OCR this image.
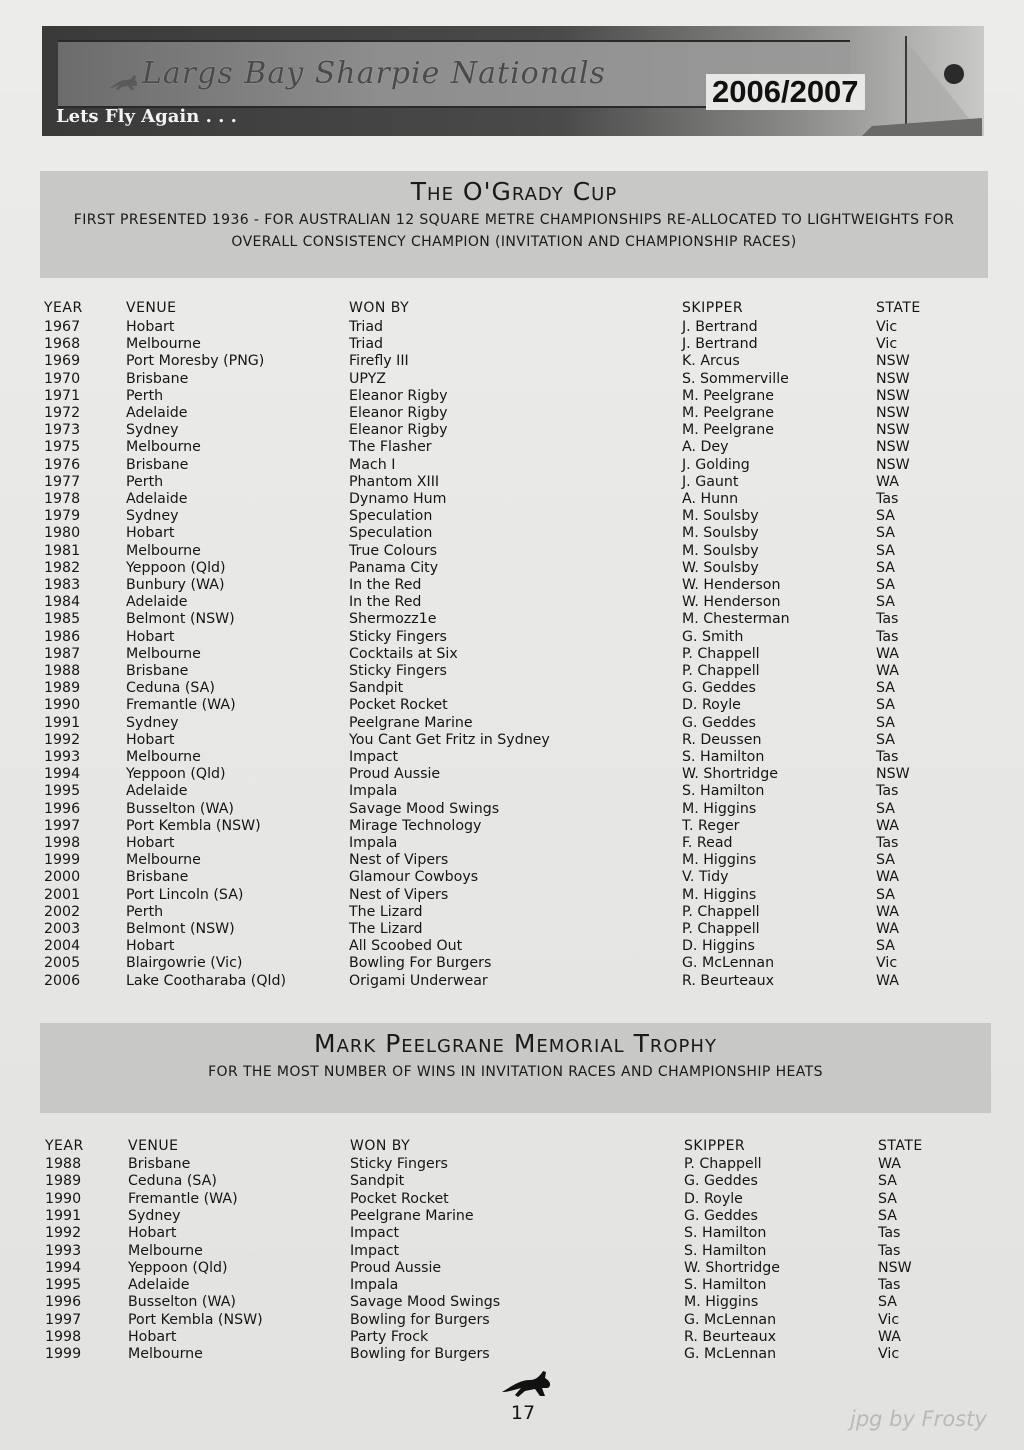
Largs Bay Sharpie Nationals
2006/2007
Lets Fly Again . . .
The O'Grady Cup
FIRST PRESENTED 1936 - FOR AUSTRALIAN 12 SQUARE METRE CHAMPIONSHIPS RE-ALLOCATED TO LIGHTWEIGHTS FOR OVERALL CONSISTENCY CHAMPION (INVITATION AND CHAMPIONSHIP RACES)
YEAR	VENUE	WON BY	SKIPPER	STATE
1967	Hobart	Triad	J. Bertrand	Vic
1968	Melbourne	Triad	J. Bertrand	Vic
1969	Port Moresby (PNG)	Firefly III	K. Arcus	NSW
1970	Brisbane	UPYZ	S. Sommerville	NSW
1971	Perth	Eleanor Rigby	M. Peelgrane	NSW
1972	Adelaide	Eleanor Rigby	M. Peelgrane	NSW
1973	Sydney	Eleanor Rigby	M. Peelgrane	NSW
1975	Melbourne	The Flasher	A. Dey	NSW
1976	Brisbane	Mach I	J. Golding	NSW
1977	Perth	Phantom XIII	J. Gaunt	WA
1978	Adelaide	Dynamo Hum	A. Hunn	Tas
1979	Sydney	Speculation	M. Soulsby	SA
1980	Hobart	Speculation	M. Soulsby	SA
1981	Melbourne	True Colours	M. Soulsby	SA
1982	Yeppoon (Qld)	Panama City	W. Soulsby	SA
1983	Bunbury (WA)	In the Red	W. Henderson	SA
1984	Adelaide	In the Red	W. Henderson	SA
1985	Belmont (NSW)	Shermozz1e	M. Chesterman	Tas
1986	Hobart	Sticky Fingers	G. Smith	Tas
1987	Melbourne	Cocktails at Six	P. Chappell	WA
1988	Brisbane	Sticky Fingers	P. Chappell	WA
1989	Ceduna (SA)	Sandpit	G. Geddes	SA
1990	Fremantle (WA)	Pocket Rocket	D. Royle	SA
1991	Sydney	Peelgrane Marine	G. Geddes	SA
1992	Hobart	You Cant Get Fritz in Sydney	R. Deussen	SA
1993	Melbourne	Impact	S. Hamilton	Tas
1994	Yeppoon (Qld)	Proud Aussie	W. Shortridge	NSW
1995	Adelaide	Impala	S. Hamilton	Tas
1996	Busselton (WA)	Savage Mood Swings	M. Higgins	SA
1997	Port Kembla (NSW)	Mirage Technology	T. Reger	WA
1998	Hobart	Impala	F. Read	Tas
1999	Melbourne	Nest of Vipers	M. Higgins	SA
2000	Brisbane	Glamour Cowboys	V. Tidy	WA
2001	Port Lincoln (SA)	Nest of Vipers	M. Higgins	SA
2002	Perth	The Lizard	P. Chappell	WA
2003	Belmont (NSW)	The Lizard	P. Chappell	WA
2004	Hobart	All Scoobed Out	D. Higgins	SA
2005	Blairgowrie (Vic)	Bowling For Burgers	G. McLennan	Vic
2006	Lake Cootharaba (Qld)	Origami Underwear	R. Beurteaux	WA
Mark Peelgrane Memorial Trophy
FOR THE MOST NUMBER OF WINS IN INVITATION RACES AND CHAMPIONSHIP HEATS
YEAR	VENUE	WON BY	SKIPPER	STATE
1988	Brisbane	Sticky Fingers	P. Chappell	WA
1989	Ceduna (SA)	Sandpit	G. Geddes	SA
1990	Fremantle (WA)	Pocket Rocket	D. Royle	SA
1991	Sydney	Peelgrane Marine	G. Geddes	SA
1992	Hobart	Impact	S. Hamilton	Tas
1993	Melbourne	Impact	S. Hamilton	Tas
1994	Yeppoon (Qld)	Proud Aussie	W. Shortridge	NSW
1995	Adelaide	Impala	S. Hamilton	Tas
1996	Busselton (WA)	Savage Mood Swings	M. Higgins	SA
1997	Port Kembla (NSW)	Bowling for Burgers	G. McLennan	Vic
1998	Hobart	Party Frock	R. Beurteaux	WA
1999	Melbourne	Bowling for Burgers	G. McLennan	Vic
17	jpg by Frosty
